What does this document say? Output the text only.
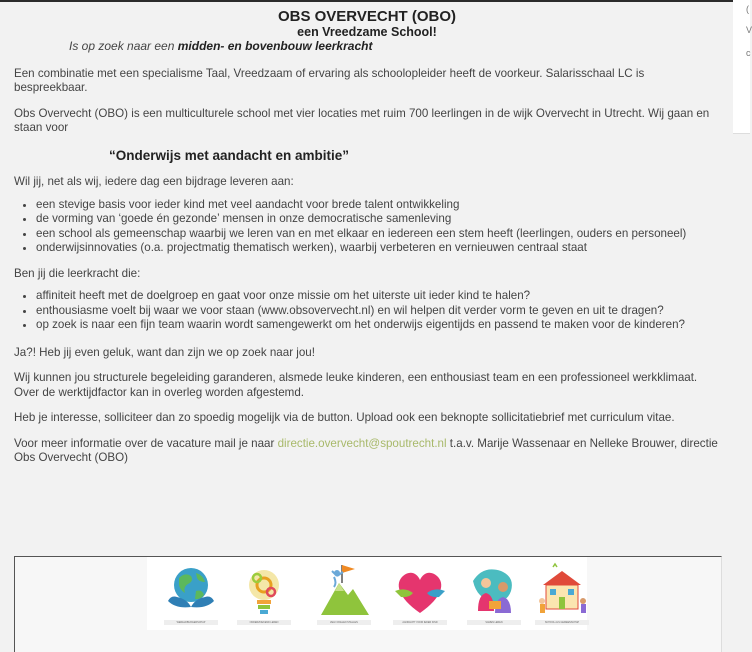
(
V
c

OBS OVERVECHT (OBO)

een Vreedzame School!

Is op zoek naar een midden- en bovenbouw leerkracht

Een combinatie met een specialisme Taal, Vreedzaam of ervaring als schoolopleider heeft de voorkeur. Salarisschaal LC is bespreekbaar.

Obs Overvecht (OBO) is een multiculturele school met vier locaties met ruim 700 leerlingen in de wijk Overvecht in Utrecht. Wij gaan en staan voor

“Onderwijs met aandacht en ambitie”

Wil jij, net als wij, iedere dag een bijdrage leveren aan:

• een stevige basis voor ieder kind met veel aandacht voor brede talent ontwikkeling
• de vorming van ‘goede én gezonde’ mensen in onze democratische samenleving
• een school als gemeenschap waarbij we leren van en met elkaar en iedereen een stem heeft (leerlingen, ouders en personeel)
• onderwijsinnovaties (o.a. projectmatig thematisch werken), waarbij verbeteren en vernieuwen centraal staat

Ben jij die leerkracht die:

• affiniteit heeft met de doelgroep en gaat voor onze missie om het uiterste uit ieder kind te halen?
• enthousiasme voelt bij waar we voor staan (www.obsovervecht.nl) en wil helpen dit verder vorm te geven en uit te dragen?
• op zoek is naar een fijn team waarin wordt samengewerkt om het onderwijs eigentijds en passend te maken voor de kinderen?

Ja?! Heb jij even geluk, want dan zijn we op zoek naar jou!

Wij kunnen jou structurele begeleiding garanderen, alsmede leuke kinderen, een enthousiast team en een professioneel werkklimaat. Over de werktijdfactor kan in overleg worden afgestemd.

Heb je interesse, solliciteer dan zo spoedig mogelijk via de button. Upload ook een beknopte sollicitatiebrief met curriculum vitae.

Voor meer informatie over de vacature mail je naar directie.overvecht@spoutrecht.nl t.a.v. Marije Wassenaar en Nelleke Brouwer, directie Obs Overvecht (OBO)

WERELDBURGERSCHAP	ONDERZOEKEND LEREN	ZELF DOELEN STELLEN	AANDACHT VOOR IEDER KIND	SAMEN LEREN	SCHOOL ALS GEMEENSCHAP
